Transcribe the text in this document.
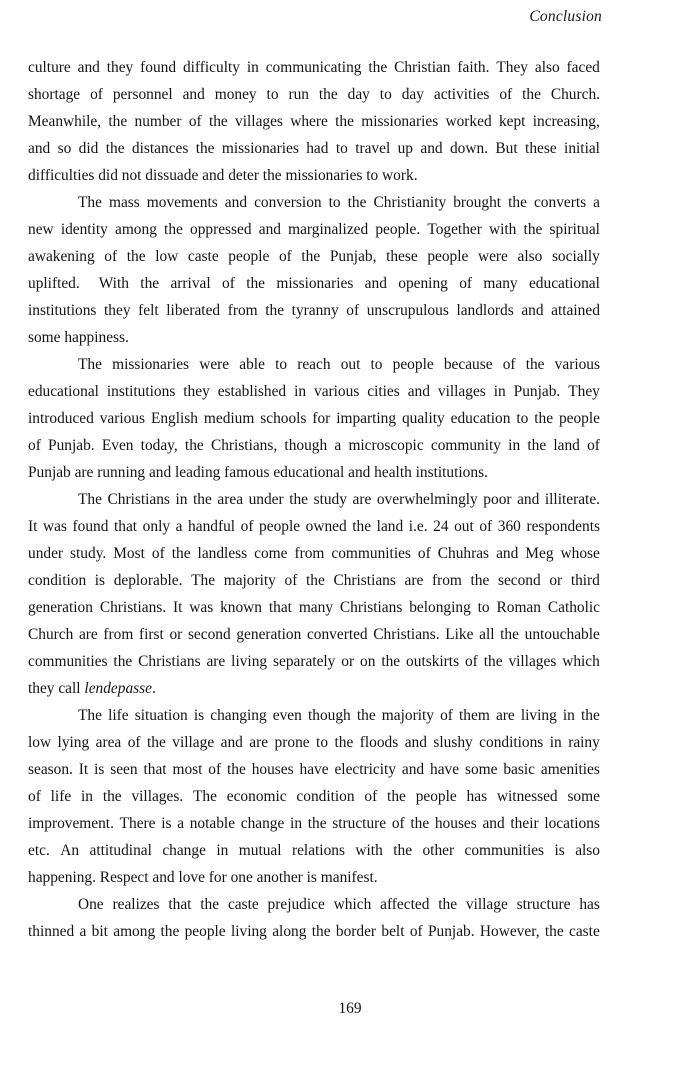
Conclusion

culture and they found difficulty in communicating the Christian faith. They also faced
shortage of personnel and money to run the day to day activities of the Church.
Meanwhile, the number of the villages where the missionaries worked kept increasing,
and so did the distances the missionaries had to travel up and down. But these initial
difficulties did not dissuade and deter the missionaries to work.

The mass movements and conversion to the Christianity brought the converts a
new identity among the oppressed and marginalized people. Together with the spiritual
awakening of the low caste people of the Punjab, these people were also socially
uplifted.  With the arrival of the missionaries and opening of many educational
institutions they felt liberated from the tyranny of unscrupulous landlords and attained
some happiness.

The missionaries were able to reach out to people because of the various
educational institutions they established in various cities and villages in Punjab. They
introduced various English medium schools for imparting quality education to the people
of Punjab. Even today, the Christians, though a microscopic community in the land of
Punjab are running and leading famous educational and health institutions.

The Christians in the area under the study are overwhelmingly poor and illiterate.
It was found that only a handful of people owned the land i.e. 24 out of 360 respondents
under study. Most of the landless come from communities of Chuhras and Meg whose
condition is deplorable. The majority of the Christians are from the second or third
generation Christians. It was known that many Christians belonging to Roman Catholic
Church are from first or second generation converted Christians. Like all the untouchable
communities the Christians are living separately or on the outskirts of the villages which
they call lendepasse.

The life situation is changing even though the majority of them are living in the
low lying area of the village and are prone to the floods and slushy conditions in rainy
season. It is seen that most of the houses have electricity and have some basic amenities
of life in the villages. The economic condition of the people has witnessed some
improvement. There is a notable change in the structure of the houses and their locations
etc. An attitudinal change in mutual relations with the other communities is also
happening. Respect and love for one another is manifest.

One realizes that the caste prejudice which affected the village structure has
thinned a bit among the people living along the border belt of Punjab. However, the caste

169
